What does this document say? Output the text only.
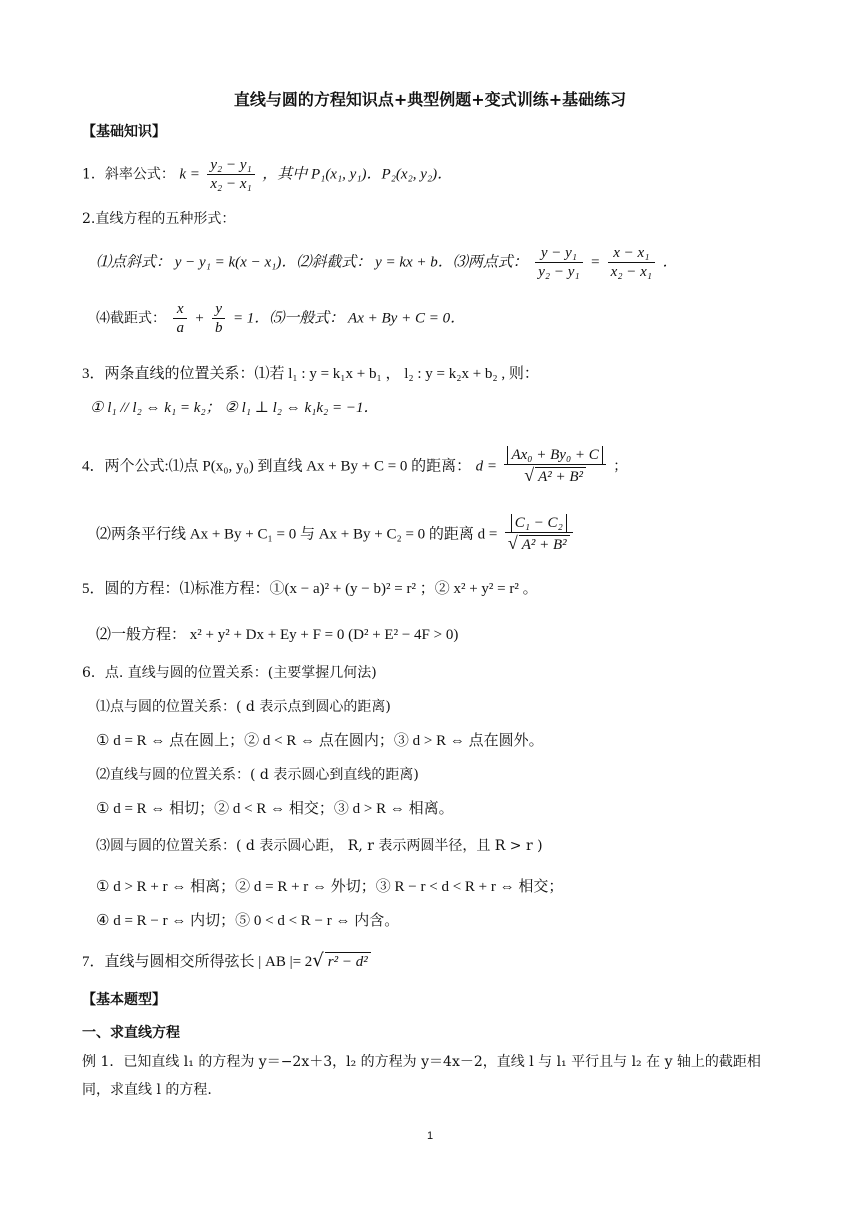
直线与圆的方程知识点+典型例题+变式训练+基础练习
【基础知识】
1．斜率公式： $k = \frac{\text{y₂ − y₁}}{\text{x₂ − x₁}}$ ，其中 P₁(x₁, y₁)．P₂(x₂, y₂)．
2.直线方程的五种形式：
⑴点斜式： y − y₁ = k(x − x₁)．⑵斜截式： y = kx + b．⑶两点式： $\frac{\text{y − y₁}}{\text{y₂ − y₁}} = \frac{\text{x − x₁}}{\text{x₂ − x₁}}$ ．
⑷截距式： $\frac{x}{a} + \frac{y}{b} = 1$．⑸一般式： Ax + By + C = 0．
3．两条直线的位置关系：⑴若 l₁ : y = k₁x + b₁ ， l₂ : y = k₂x + b₂ , 则：
① l₁ // l₂ ⇔ k₁ = k₂； ② l₁ ⊥ l₂ ⇔ k₁k₂ = −1．
4．两个公式:⑴点 P(x₀, y₀) 到直线 Ax + By + C = 0 的距离： $d = \frac{\text{Ax₀ + By₀ + C}}{\text{√ A² + B²}}$ ；
⑵两条平行线 Ax + By + C₁ = 0 与 Ax + By + C₂ = 0 的距离 $d = \frac{\text{C₁ − C₂}}{\text{√ A² + B²}}$
5．圆的方程：⑴标准方程：①(x − a)² + (y − b)² = r² ；② x² + y² = r² 。
⑵一般方程： x² + y² + Dx + Ey + F = 0 (D² + E² − 4F > 0)
6．点. 直线与圆的位置关系：(主要掌握几何法)
⑴点与圆的位置关系：( d 表示点到圆心的距离)
① d = R ⇔ 点在圆上；② d < R ⇔ 点在圆内；③ d > R ⇔ 点在圆外。
⑵直线与圆的位置关系：( d 表示圆心到直线的距离)
① d = R ⇔ 相切；② d < R ⇔ 相交；③ d > R ⇔ 相离。
⑶圆与圆的位置关系：( d 表示圆心距， R, r 表示两圆半径，且 R > r )
① d > R + r ⇔ 相离；② d = R + r ⇔ 外切；③ R − r < d < R + r ⇔ 相交；
④ d = R − r ⇔ 内切；⑤ 0 < d < R − r ⇔ 内含。
7．直线与圆相交所得弦长 | AB |= 2√ r² − d²
【基本题型】
一、求直线方程
例 1．已知直线 l₁ 的方程为 y＝−2x＋3，l₂ 的方程为 y＝4x－2，直线 l 与 l₁ 平行且与 l₂ 在 y 轴上的截距相
同，求直线 l 的方程.
1
